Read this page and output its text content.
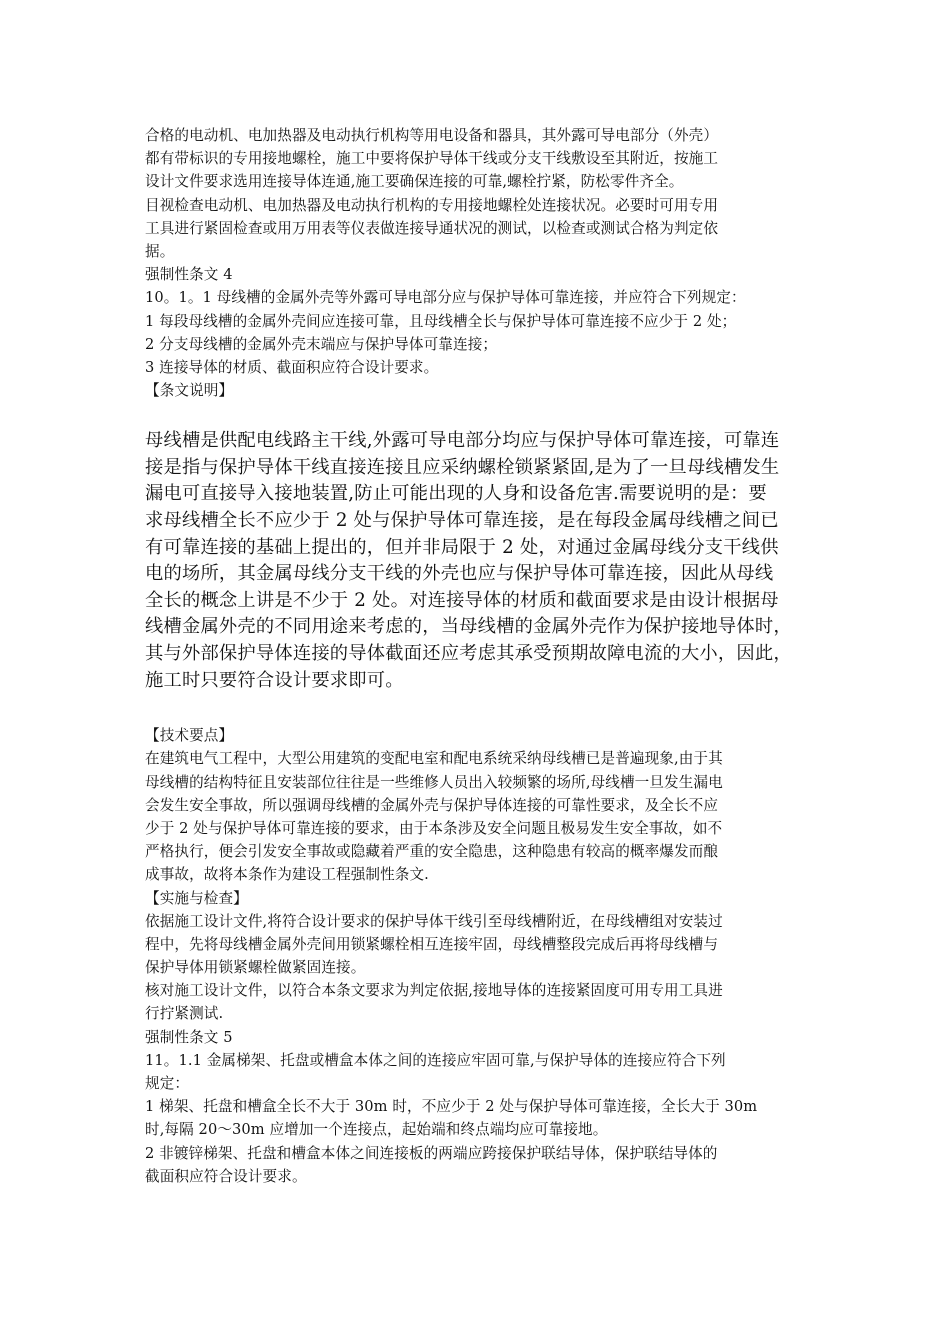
合格的电动机、电加热器及电动执行机构等用电设备和器具，其外露可导电部分（外壳）
都有带标识的专用接地螺栓，施工中要将保护导体干线或分支干线敷设至其附近，按施工
设计文件要求选用连接导体连通,施工要确保连接的可靠,螺栓拧紧，防松零件齐全。
目视检查电动机、电加热器及电动执行机构的专用接地螺栓处连接状况。必要时可用专用
工具进行紧固检查或用万用表等仪表做连接导通状况的测试，以检查或测试合格为判定依
据。
强制性条文 4
10。1。1 母线槽的金属外壳等外露可导电部分应与保护导体可靠连接，并应符合下列规定：
1 每段母线槽的金属外壳间应连接可靠，且母线槽全长与保护导体可靠连接不应少于 2 处；
2 分支母线槽的金属外壳末端应与保护导体可靠连接；
3 连接导体的材质、截面积应符合设计要求。
【条文说明】
母线槽是供配电线路主干线,外露可导电部分均应与保护导体可靠连接，可靠连
接是指与保护导体干线直接连接且应采纳螺栓锁紧紧固,是为了一旦母线槽发生
漏电可直接导入接地装置,防止可能出现的人身和设备危害.需要说明的是：要
求母线槽全长不应少于 2 处与保护导体可靠连接，是在每段金属母线槽之间已
有可靠连接的基础上提出的，但并非局限于 2 处，对通过金属母线分支干线供
电的场所，其金属母线分支干线的外壳也应与保护导体可靠连接，因此从母线
全长的概念上讲是不少于 2 处。对连接导体的材质和截面要求是由设计根据母
线槽金属外壳的不同用途来考虑的，当母线槽的金属外壳作为保护接地导体时，
其与外部保护导体连接的导体截面还应考虑其承受预期故障电流的大小，因此，
施工时只要符合设计要求即可。
【技术要点】
在建筑电气工程中，大型公用建筑的变配电室和配电系统采纳母线槽已是普遍现象,由于其
母线槽的结构特征且安装部位往往是一些维修人员出入较频繁的场所,母线槽一旦发生漏电
会发生安全事故，所以强调母线槽的金属外壳与保护导体连接的可靠性要求，及全长不应
少于 2 处与保护导体可靠连接的要求，由于本条涉及安全问题且极易发生安全事故，如不
严格执行，便会引发安全事故或隐藏着严重的安全隐患，这种隐患有较高的概率爆发而酿
成事故，故将本条作为建设工程强制性条文.
【实施与检查】
依据施工设计文件,将符合设计要求的保护导体干线引至母线槽附近，在母线槽组对安装过
程中，先将母线槽金属外壳间用锁紧螺栓相互连接牢固，母线槽整段完成后再将母线槽与
保护导体用锁紧螺栓做紧固连接。
核对施工设计文件，以符合本条文要求为判定依据,接地导体的连接紧固度可用专用工具进
行拧紧测试.
强制性条文 5
11。1.1 金属梯架、托盘或槽盒本体之间的连接应牢固可靠,与保护导体的连接应符合下列
规定：
1 梯架、托盘和槽盒全长不大于 30m 时，不应少于 2 处与保护导体可靠连接，全长大于 30m
时,每隔 20～30m 应增加一个连接点，起始端和终点端均应可靠接地。
2 非镀锌梯架、托盘和槽盒本体之间连接板的两端应跨接保护联结导体，保护联结导体的
截面积应符合设计要求。
